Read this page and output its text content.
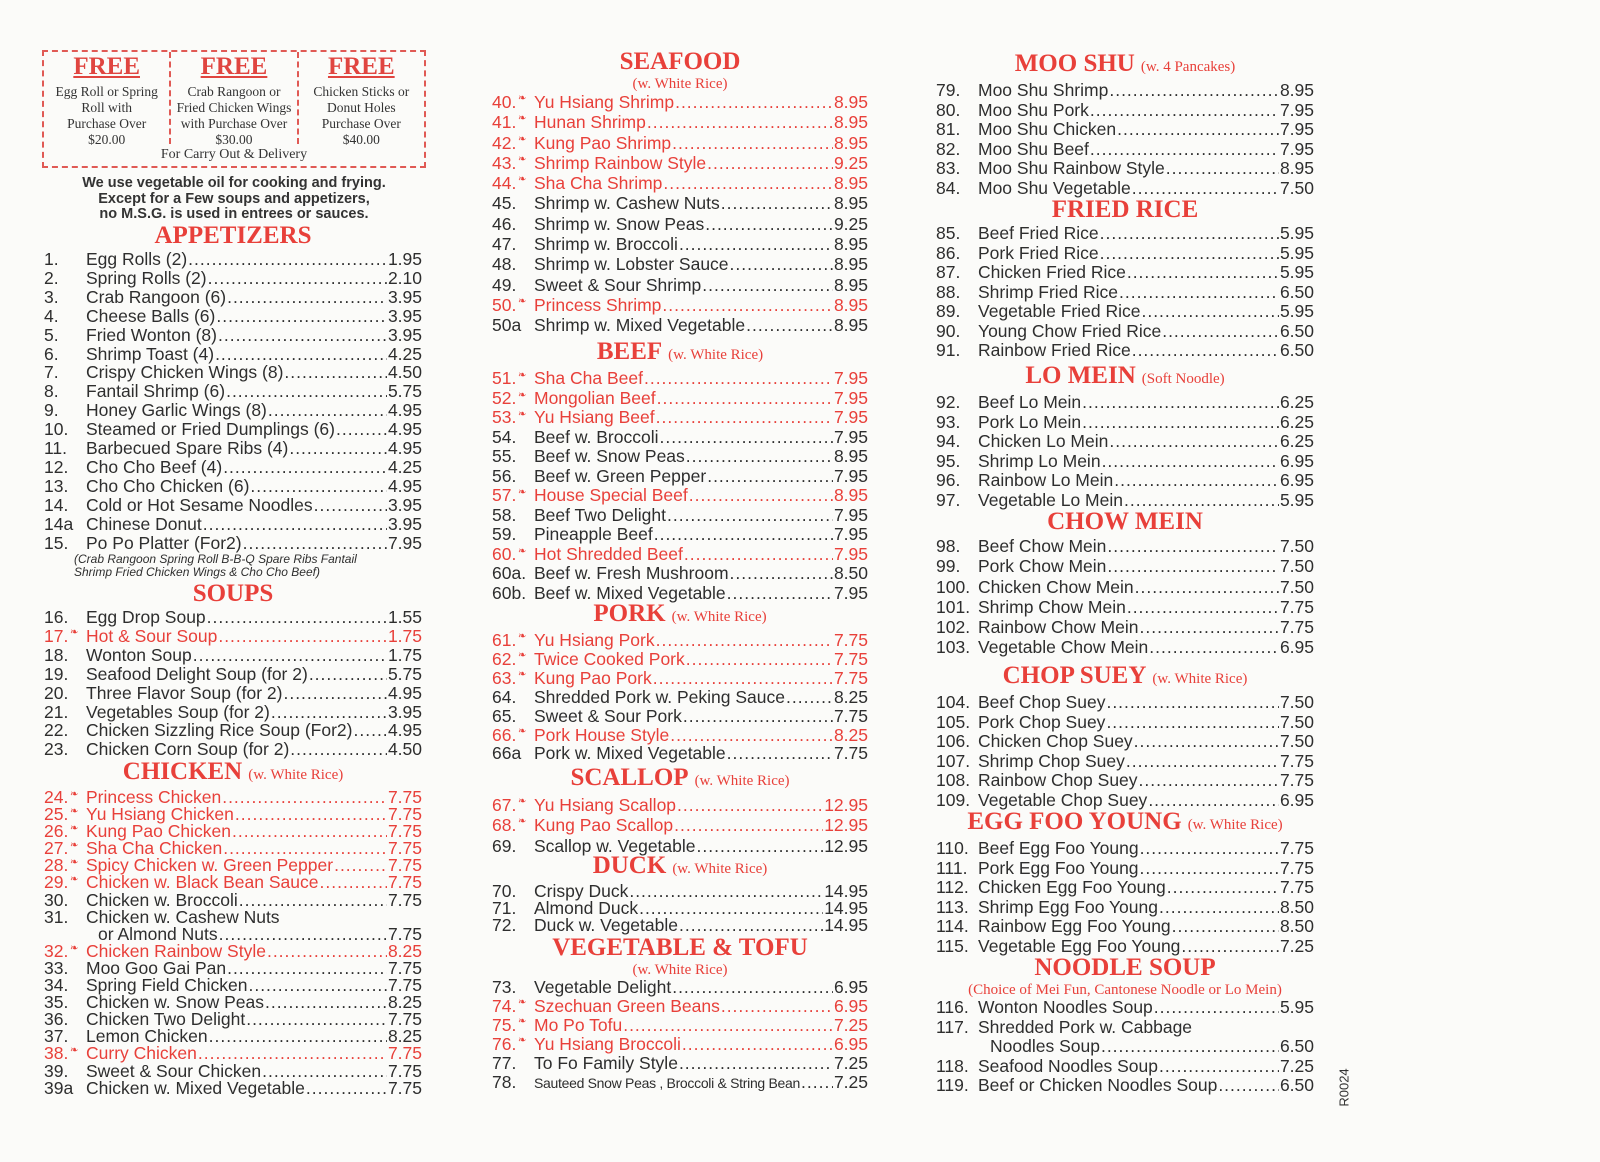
FREE
Egg Roll or Spring
Roll with
Purchase Over
$20.00
FREE
Crab Rangoon or
Fried Chicken Wings
with Purchase Over
$30.00
FREE
Chicken Sticks or
Donut Holes
Purchase Over
$40.00
For Carry Out & Delivery
We use vegetable oil for cooking and frying.
Except for a Few soups and appetizers,
no M.S.G. is used in entrees or sauces.
APPETIZERS
1.	Egg Rolls (2) .....	1.95
2.	Spring Rolls (2) .....	2.10
3.	Crab Rangoon (6) .....	3.95
4.	Cheese Balls (6) .....	3.95
5.	Fried Wonton (8) .....	3.95
6.	Shrimp Toast (4) .....	4.25
7.	Crispy Chicken Wings (8) .....	4.50
8.	Fantail Shrimp (6) .....	5.75
9.	Honey Garlic Wings (8) .....	4.95
10.	Steamed or Fried Dumplings (6) .....	4.95
11.	Barbecued Spare Ribs (4) .....	4.95
12.	Cho Cho Beef (4) .....	4.25
13.	Cho Cho Chicken (6) .....	4.95
14.	Cold or Hot Sesame Noodles .....	3.95
14a Chinese Donut .....	3.95
15.	Po Po Platter (For2) .....	7.95
(Crab Rangoon Spring Roll B-B-Q Spare Ribs Fantail
Shrimp Fried Chicken Wings & Cho Cho Beef)
SOUPS
16.	Egg Drop Soup .....	1.55
17. ❧ Hot & Sour Soup .....	1.75
18.	Wonton Soup .....	1.75
19.	Seafood Delight Soup (for 2) .....	5.75
20.	Three Flavor Soup (for 2) .....	4.95
21.	Vegetables Soup (for 2) .....	3.95
22.	Chicken Sizzling Rice Soup (For2) ..... 4.95
23.	Chicken Corn Soup (for 2) .....	4.50
CHICKEN (w. White Rice)
24. ❧ Princess Chicken .....	7.75
25. ❧ Yu Hsiang Chicken .....	7.75
26. ❧ Kung Pao Chicken .....	7.75
27. ❧ Sha Cha Chicken .....	7.75
28. ❧ Spicy Chicken w. Green Pepper .....	7.75
29. ❧ Chicken w. Black Bean Sauce .....	7.75
30.	Chicken w. Broccoli .....	7.75
31.	Chicken w. Cashew Nuts
or Almond Nuts .....	7.75
32. ❧ Chicken Rainbow Style .....	8.25
33.	Moo Goo Gai Pan .....	7.75
34.	Spring Field Chicken .....	7.75
35.	Chicken w. Snow Peas .....	8.25
36.	Chicken Two Delight .....	7.75
37.	Lemon Chicken .....	8.25
38. ❧ Curry Chicken .....	7.75
39.	Sweet & Sour Chicken .....	7.75
39a Chicken w. Mixed Vegetable .....	7.75
SEAFOOD
(w. White Rice)
40. ❧ Yu Hsiang Shrimp .....	8.95
41. ❧ Hunan Shrimp .....	8.95
42. ❧ Kung Pao Shrimp .....	8.95
43. ❧ Shrimp Rainbow Style .....	9.25
44. ❧ Sha Cha Shrimp .....	8.95
45.	Shrimp w. Cashew Nuts .....	8.95
46.	Shrimp w. Snow Peas .....	9.25
47.	Shrimp w. Broccoli .....	8.95
48.	Shrimp w. Lobster Sauce .....	8.95
49.	Sweet & Sour Shrimp .....	8.95
50. ❧ Princess Shrimp .....	8.95
50a Shrimp w. Mixed Vegetable .....	8.95
BEEF (w. White Rice)
51. ❧ Sha Cha Beef .....	7.95
52. ❧ Mongolian Beef .....	7.95
53. ❧ Yu Hsiang Beef .....	7.95
54.	Beef w. Broccoli .....	7.95
55.	Beef w. Snow Peas .....	8.95
56.	Beef w. Green Pepper .....	7.95
57. ❧ House Special Beef .....	8.95
58.	Beef Two Delight .....	7.95
59.	Pineapple Beef .....	7.95
60. ❧ Hot Shredded Beef .....	7.95
60a. Beef w. Fresh Mushroom .....	8.50
60b. Beef w. Mixed Vegetable .....	7.95
PORK (w. White Rice)
61. ❧ Yu Hsiang Pork .....	7.75
62. ❧ Twice Cooked Pork .....	7.75
63. ❧ Kung Pao Pork .....	7.75
64.	Shredded Pork w. Peking Sauce .....	8.25
65.	Sweet & Sour Pork .....	7.75
66. ❧ Pork House Style .....	8.25
66a Pork w. Mixed Vegetable .....	7.75
SCALLOP (w. White Rice)
67. ❧ Yu Hsiang Scallop .....	12.95
68. ❧ Kung Pao Scallop .....	12.95
69.	Scallop w. Vegetable .....	12.95
DUCK (w. White Rice)
70.	Crispy Duck .....	14.95
71.	Almond Duck .....	14.95
72.	Duck w. Vegetable .....	14.95
VEGETABLE & TOFU
(w. White Rice)
73.	Vegetable Delight .....	6.95
74. ❧ Szechuan Green Beans .....	6.95
75. ❧ Mo Po Tofu .....	7.25
76. ❧ Yu Hsiang Broccoli .....	6.95
77.	To Fo Family Style .....	7.25
78.	Sauteed Snow Peas , Broccoli & String Bean ..... 7.25
MOO SHU (w. 4 Pancakes)
79.	Moo Shu Shrimp .....	8.95
80.	Moo Shu Pork .....	7.95
81.	Moo Shu Chicken .....	7.95
82.	Moo Shu Beef .....	7.95
83.	Moo Shu Rainbow Style .....	8.95
84.	Moo Shu Vegetable .....	7.50
FRIED RICE
85.	Beef Fried Rice .....	5.95
86.	Pork Fried Rice .....	5.95
87.	Chicken Fried Rice .....	5.95
88.	Shrimp Fried Rice .....	6.50
89.	Vegetable Fried Rice .....	5.95
90.	Young Chow Fried Rice .....	6.50
91.	Rainbow Fried Rice .....	6.50
LO MEIN (Soft Noodle)
92.	Beef Lo Mein .....	6.25
93.	Pork Lo Mein .....	6.25
94.	Chicken Lo Mein .....	6.25
95.	Shrimp Lo Mein .....	6.95
96.	Rainbow Lo Mein .....	6.95
97.	Vegetable Lo Mein .....	5.95
CHOW MEIN
98.	Beef Chow Mein .....	7.50
99.	Pork Chow Mein .....	7.50
100. Chicken Chow Mein .....	7.50
101. Shrimp Chow Mein .....	7.75
102. Rainbow Chow Mein .....	7.75
103. Vegetable Chow Mein .....	6.95
CHOP SUEY (w. White Rice)
104. Beef Chop Suey .....	7.50
105. Pork Chop Suey .....	7.50
106. Chicken Chop Suey .....	7.50
107. Shrimp Chop Suey .....	7.75
108. Rainbow Chop Suey .....	7.75
109. Vegetable Chop Suey .....	6.95
EGG FOO YOUNG (w. White Rice)
110. Beef Egg Foo Young .....	7.75
111. Pork Egg Foo Young .....	7.75
112. Chicken Egg Foo Young .....	7.75
113. Shrimp Egg Foo Young .....	8.50
114. Rainbow Egg Foo Young .....	8.50
115. Vegetable Egg Foo Young .....	7.25
NOODLE SOUP
(Choice of Mei Fun, Cantonese Noodle or Lo Mein)
116. Wonton Noodles Soup .....	5.95
117. Shredded Pork w. Cabbage
Noodles Soup .....	6.50
118. Seafood Noodles Soup .....	7.25
119. Beef or Chicken Noodles Soup .....	6.50 R0024
